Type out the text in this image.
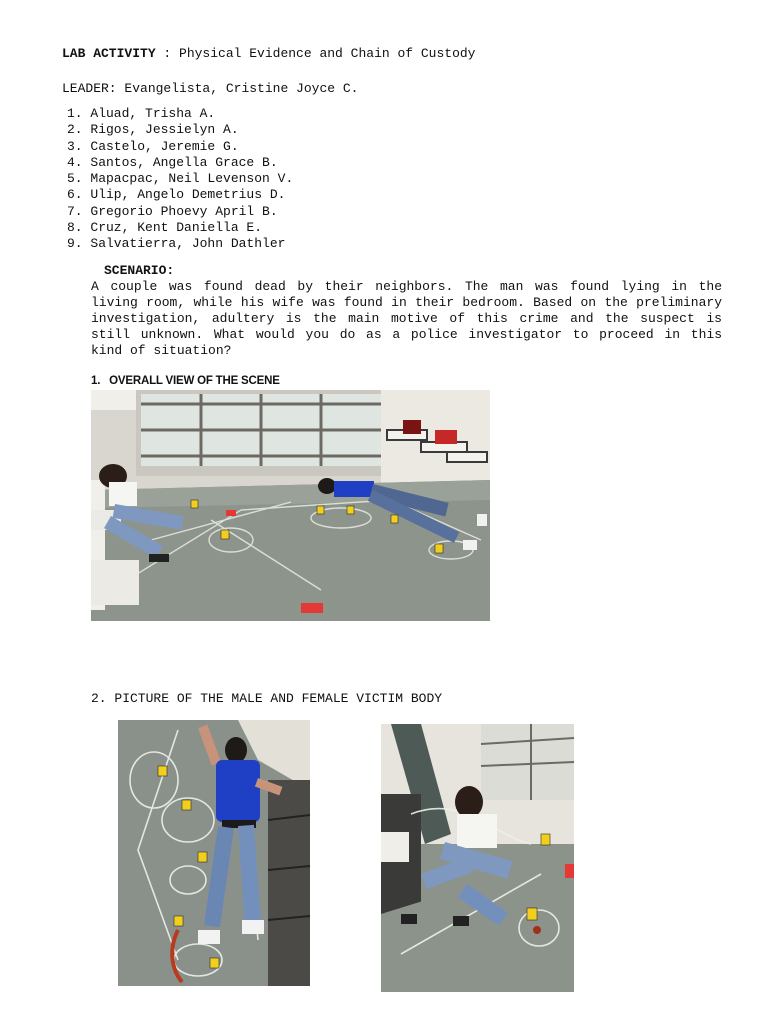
LAB ACTIVITY : Physical Evidence and Chain of Custody
LEADER: Evangelista, Cristine Joyce C.
1. Aluad, Trisha A.
2. Rigos, Jessielyn A.
3. Castelo, Jeremie G.
4. Santos, Angella Grace B.
5. Mapacpac, Neil Levenson V.
6. Ulip, Angelo Demetrius D.
7. Gregorio Phoevy April B.
8. Cruz, Kent Daniella E.
9. Salvatierra, John Dathler
SCENARIO:

A couple was found dead by their neighbors. The man was found lying in the living room, while his wife was found in their bedroom. Based on the preliminary investigation, adultery is the main motive of this crime and the suspect is still unknown. What would you do as a police investigator to proceed in this kind of situation?

1.   OVERALL VIEW OF THE SCENE
2. PICTURE OF THE MALE AND FEMALE VICTIM BODY
